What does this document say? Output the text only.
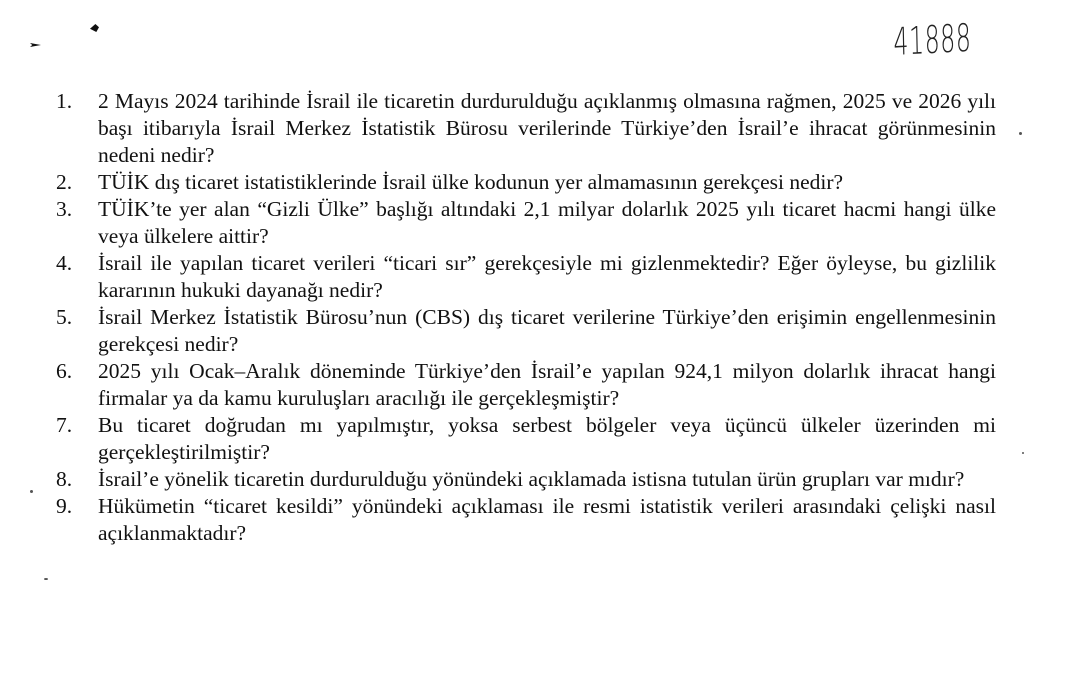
41888
1.	2 Mayıs 2024 tarihinde İsrail ile ticaretin durdurulduğu açıklanmış olmasına rağmen, 2025 ve 2026 yılı başı itibarıyla İsrail Merkez İstatistik Bürosu verilerinde Türkiye’den İsrail’e ihracat görünmesinin nedeni nedir?
2.	TÜİK dış ticaret istatistiklerinde İsrail ülke kodunun yer almamasının gerekçesi nedir?
3.	TÜİK’te yer alan “Gizli Ülke” başlığı altındaki 2,1 milyar dolarlık 2025 yılı ticaret hacmi hangi ülke veya ülkelere aittir?
4.	İsrail ile yapılan ticaret verileri “ticari sır” gerekçesiyle mi gizlenmektedir? Eğer öyleyse, bu gizlilik kararının hukuki dayanağı nedir?
5.	İsrail Merkez İstatistik Bürosu’nun (CBS) dış ticaret verilerine Türkiye’den erişimin engellenmesinin gerekçesi nedir?
6.	2025 yılı Ocak–Aralık döneminde Türkiye’den İsrail’e yapılan 924,1 milyon dolarlık ihracat hangi firmalar ya da kamu kuruluşları aracılığı ile gerçekleşmiştir?
7.	Bu ticaret doğrudan mı yapılmıştır, yoksa serbest bölgeler veya üçüncü ülkeler üzerinden mi gerçekleştirilmiştir?
8.	İsrail’e yönelik ticaretin durdurulduğu yönündeki açıklamada istisna tutulan ürün grupları var mıdır?
9.	Hükümetin “ticaret kesildi” yönündeki açıklaması ile resmi istatistik verileri arasındaki çelişki nasıl açıklanmaktadır?
